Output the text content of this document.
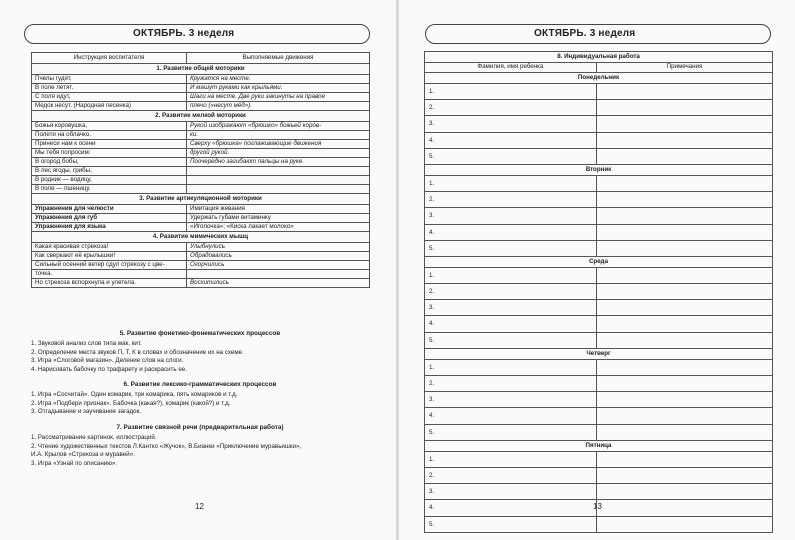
ОКТЯБРЬ. 3 неделя
Инструкция воспитателя	Выполняемые движения
1. Развитие общей моторики	
Пчелы гудят,	Кружатся на месте.
В поле летят.	И машут руками как крыльями.
С поля идут,	Шаги на месте. Две руки закинуты на правое
Медок несут. (Народная песенка)	плечо («несут мёд»).
2. Развитие мелкой моторики	
Божья коровушка,	Рукой изображают «брюшко» божьей корóв-
Полети на облачко.	ки.
Принеси нам к осени	Сверху «брюшка» поглаживающие движения
Мы тебя попросим:	другой рукой.
В огород бобы,	Поочередно загибают пальцы на руке.
В лес ягоды, грибы,	
В родник — водицу,	
В поле — пшеницу.	
3. Развитие артикуляционной моторики	
Упражнения для челюсти	Имитация жевания
Упражнения для губ	Удержать губами витаминку
Упражнения для языка	«Иголочка»; «Киска лакает молоко»
4. Развитие мимических мышц	
Какая красивая стрекоза!	Улыбнулись
Как сверкают её крылышки!	Обрадовались
Сильный осенний ветер сдул стрекозу с цве-	Огорчились
точка.	
Но стрекоза вспорхнула и улетела.	Восхитились
5. Развитие фонетико-фонематических процессов
1. Звуковой анализ слов типа мак, кит.
2. Определение места звуков П, Т, К в словах и обозначение их на схеме.
3. Игра «Слоговой магазин». Деление слов на слоги.
4. Нарисовать бабочку по трафарету и раскрасить ее.
6. Развитие лексико-грамматических процессов
1. Игра «Сосчитай». Один комарик, три комарика, пять комариков и т.д.
2. Игра «Подбери признак». Бабочка (какая?), комарик (какой?) и т.д.
3. Отгадывание и заучивание загадок.
7. Развитие связной речи (предварительная работа)
1. Рассматривание картинок, иллюстраций.
2. Чтение художественных текстов Л.Кантко «Жучок», В.Бианки «Приключение муравьишки»,
И.А. Крылов «Стрекоза и муравей».
3. Игра «Узнай по описанию».
12
ОКТЯБРЬ. 3 неделя
13
8. Индивидуальная работа	
Фамилия, имя ребенка	Примечания
Понедельник	
1.	
2.	
3.	
4.	
5.	
Вторник	
1.	
2.	
3.	
4.	
5.	
Среда	
1.	
2.	
3.	
4.	
5.	
Четверг	
1.	
2.	
3.	
4.	
5.	
Пятница	
1.	
2.	
3.	
4.	
5.	
